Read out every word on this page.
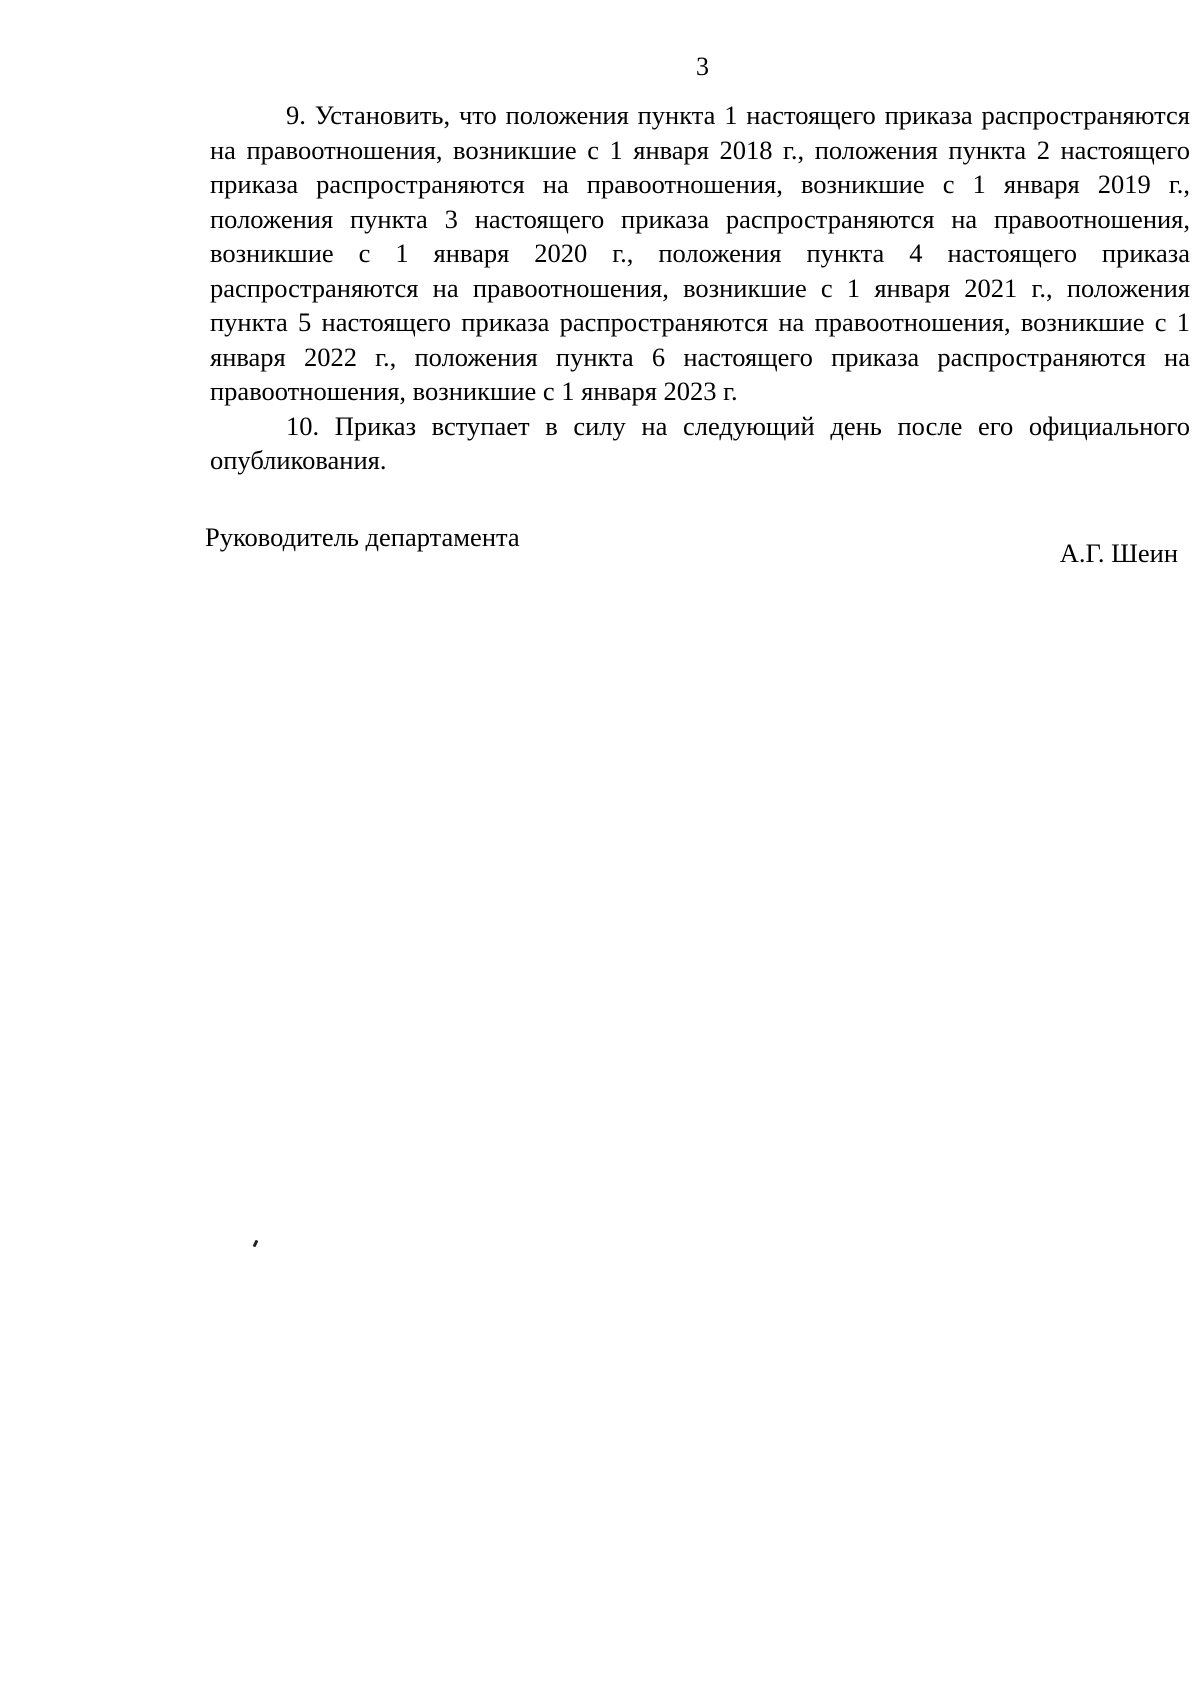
3

9. Установить, что положения пункта 1 настоящего приказа распространяются на правоотношения, возникшие с 1 января 2018 г., положения пункта 2 настоящего приказа распространяются на правоотношения, возникшие с 1 января 2019 г., положения пункта 3 настоящего приказа распространяются на правоотношения, возникшие с 1 января 2020 г., положения пункта 4 настоящего приказа распространяются на правоотношения, возникшие с 1 января 2021 г., положения пункта 5 настоящего приказа распространяются на правоотношения, возникшие с 1 января 2022 г., положения пункта 6 настоящего приказа распространяются на правоотношения, возникшие с 1 января 2023 г.

10. Приказ вступает в силу на следующий день после его официального опубликования.

Руководитель департамента
А.Г. Шеин
